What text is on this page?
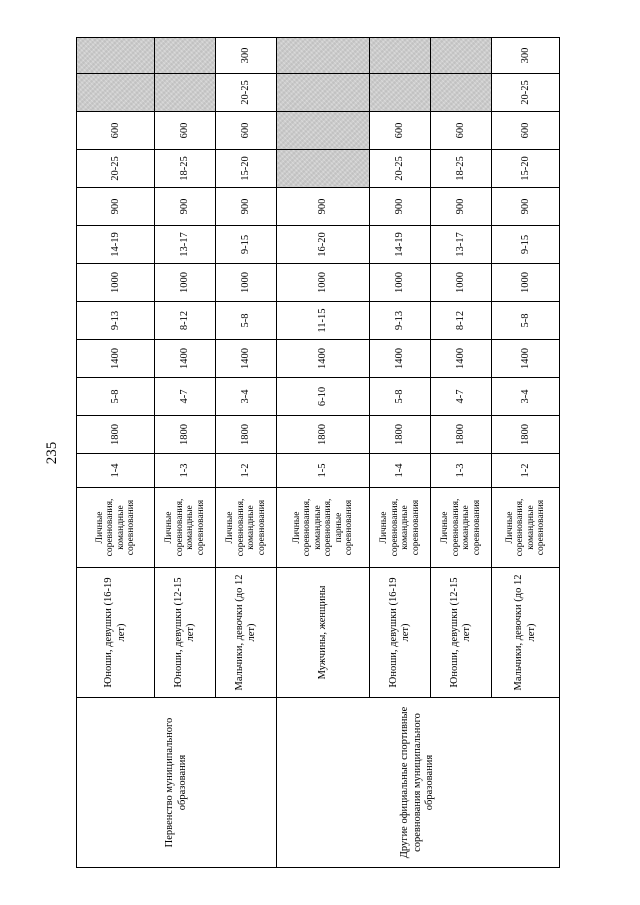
235
Первенство муниципального образования	Юноши, девушки (16-19 лет)	Личные соревнования, командные соревнования	1-4	1800	5-8	1400	9-13	1000	14-19	900	20-25	600		
	Юноши, девушки (12-15 лет)	Личные соревнования, командные соревнования	1-3	1800	4-7	1400	8-12	1000	13-17	900	18-25	600		
	Мальчики, девочки (до 12 лет)	Личные соревнования, командные соревнования	1-2	1800	3-4	1400	5-8	1000	9-15	900	15-20	600	20-25	300
Другие официальные спортивные соревнования муниципального образования	Мужчины, женщины	Личные соревнования, командные соревнования, парные соревнования	1-5	1800	6-10	1400	11-15	1000	16-20	900				
	Юноши, девушки (16-19 лет)	Личные соревнования, командные соревнования	1-4	1800	5-8	1400	9-13	1000	14-19	900	20-25	600		
	Юноши, девушки (12-15 лет)	Личные соревнования, командные соревнования	1-3	1800	4-7	1400	8-12	1000	13-17	900	18-25	600		
	Мальчики, девочки (до 12 лет)	Личные соревнования, командные соревнования	1-2	1800	3-4	1400	5-8	1000	9-15	900	15-20	600	20-25	300
